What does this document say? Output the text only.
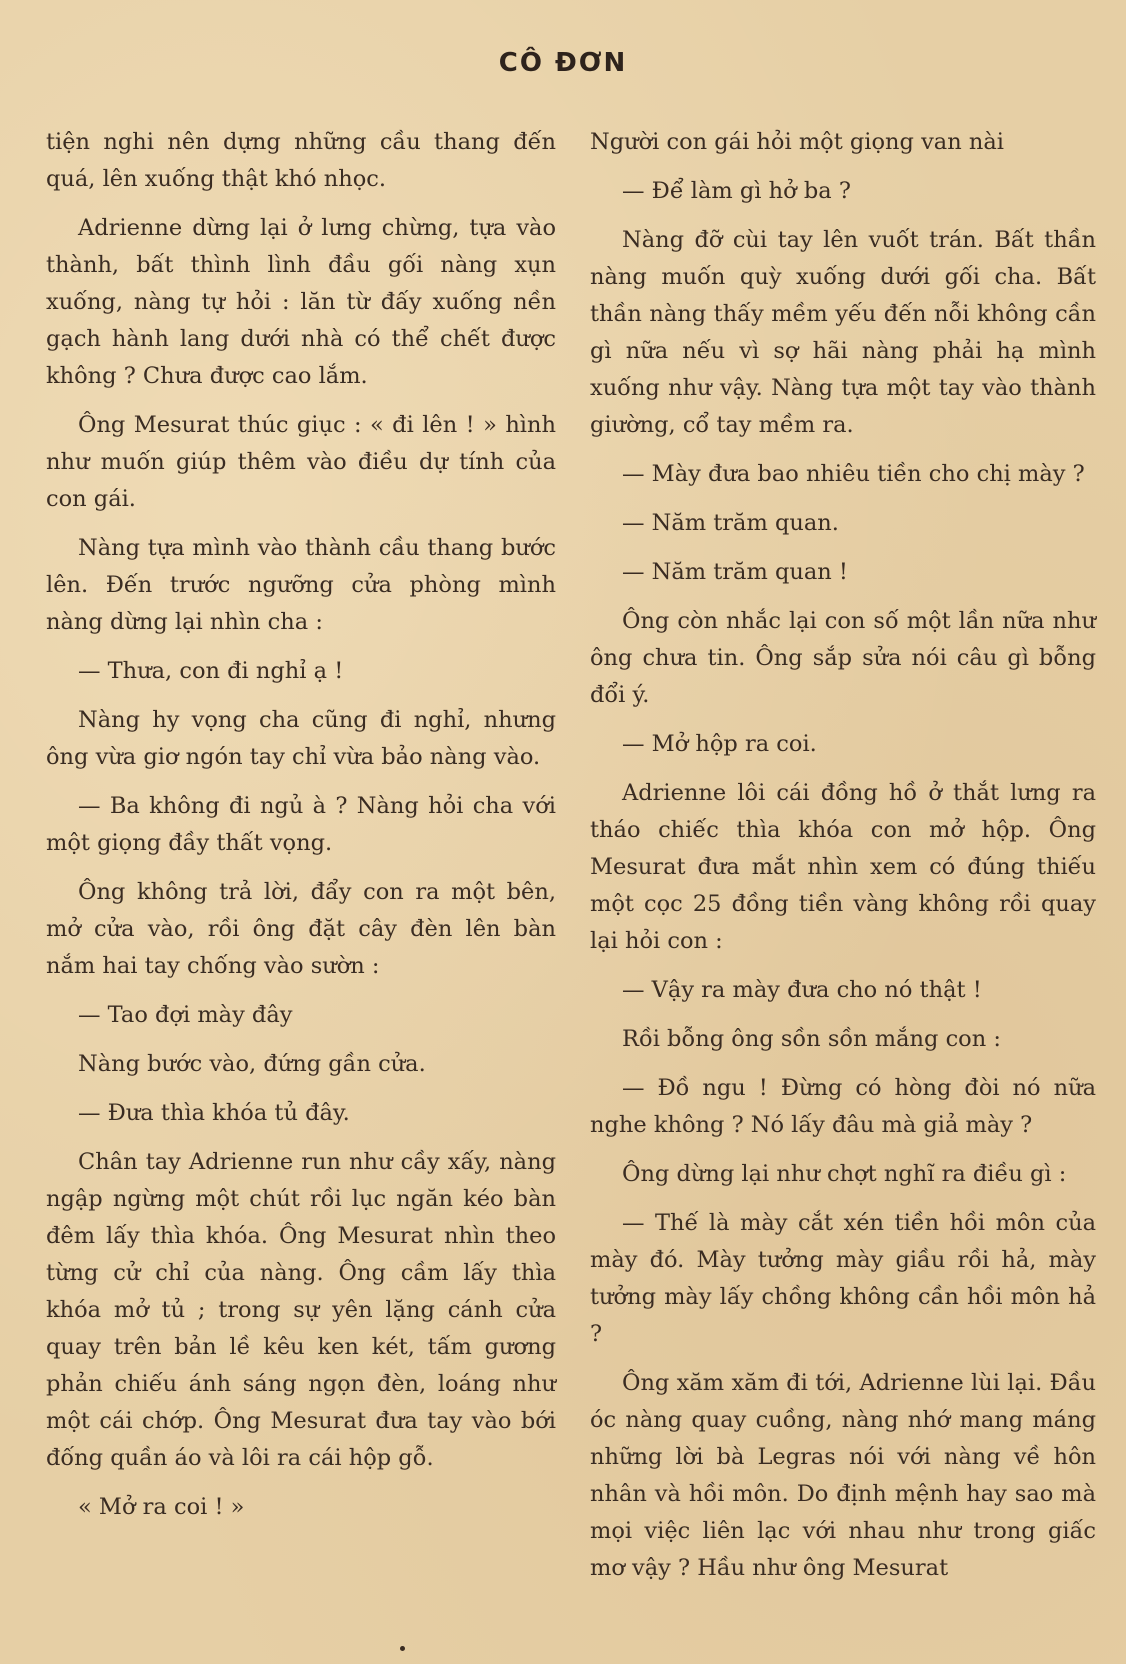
CÔ ĐƠN

tiện nghi nên dựng những cầu thang đến quá, lên xuống thật khó nhọc.

Adrienne dừng lại ở lưng chừng, tựa vào thành, bất thình lình đầu gối nàng xụn xuống, nàng tự hỏi : lăn từ đấy xuống nền gạch hành lang dưới nhà có thể chết được không ? Chưa được cao lắm.

Ông Mesurat thúc giục : « đi lên ! » hình như muốn giúp thêm vào điều dự tính của con gái.

Nàng tựa mình vào thành cầu thang bước lên. Đến trước ngưỡng cửa phòng mình nàng dừng lại nhìn cha :

— Thưa, con đi nghỉ ạ !

Nàng hy vọng cha cũng đi nghỉ, nhưng ông vừa giơ ngón tay chỉ vừa bảo nàng vào.

— Ba không đi ngủ à ? Nàng hỏi cha với một giọng đầy thất vọng.

Ông không trả lời, đẩy con ra một bên, mở cửa vào, rồi ông đặt cây đèn lên bàn nắm hai tay chống vào sườn :

— Tao đợi mày đây

Nàng bước vào, đứng gần cửa.

— Đưa thìa khóa tủ đây.

Chân tay Adrienne run như cầy xấy, nàng ngập ngừng một chút rồi lục ngăn kéo bàn đêm lấy thìa khóa. Ông Mesurat nhìn theo từng cử chỉ của nàng. Ông cầm lấy thìa khóa mở tủ ; trong sự yên lặng cánh cửa quay trên bản lề kêu ken két, tấm gương phản chiếu ánh sáng ngọn đèn, loáng như một cái chớp. Ông Mesurat đưa tay vào bới đống quần áo và lôi ra cái hộp gỗ.

« Mở ra coi ! »

Người con gái hỏi một giọng van nài

— Để làm gì hở ba ?

Nàng đỡ cùi tay lên vuốt trán. Bất thần nàng muốn quỳ xuống dưới gối cha. Bất thần nàng thấy mềm yếu đến nỗi không cần gì nữa nếu vì sợ hãi nàng phải hạ mình xuống như vậy. Nàng tựa một tay vào thành giường, cổ tay mềm ra.

— Mày đưa bao nhiêu tiền cho chị mày ?

— Năm trăm quan.

— Năm trăm quan !

Ông còn nhắc lại con số một lần nữa như ông chưa tin. Ông sắp sửa nói câu gì bỗng đổi ý.

— Mở hộp ra coi.

Adrienne lôi cái đồng hồ ở thắt lưng ra tháo chiếc thìa khóa con mở hộp. Ông Mesurat đưa mắt nhìn xem có đúng thiếu một cọc 25 đồng tiền vàng không rồi quay lại hỏi con :

— Vậy ra mày đưa cho nó thật !

Rồi bỗng ông sồn sồn mắng con :

— Đồ ngu ! Đừng có hòng đòi nó nữa nghe không ? Nó lấy đâu mà giả mày ?

Ông dừng lại như chợt nghĩ ra điều gì :

— Thế là mày cắt xén tiền hồi môn của mày đó. Mày tưởng mày giầu rồi hả, mày tưởng mày lấy chồng không cần hồi môn hả ?

Ông xăm xăm đi tới, Adrienne lùi lại. Đầu óc nàng quay cuồng, nàng nhớ mang máng những lời bà Legras nói với nàng về hôn nhân và hồi môn. Do định mệnh hay sao mà mọi việc liên lạc với nhau như trong giấc mơ vậy ? Hầu như ông Mesurat
